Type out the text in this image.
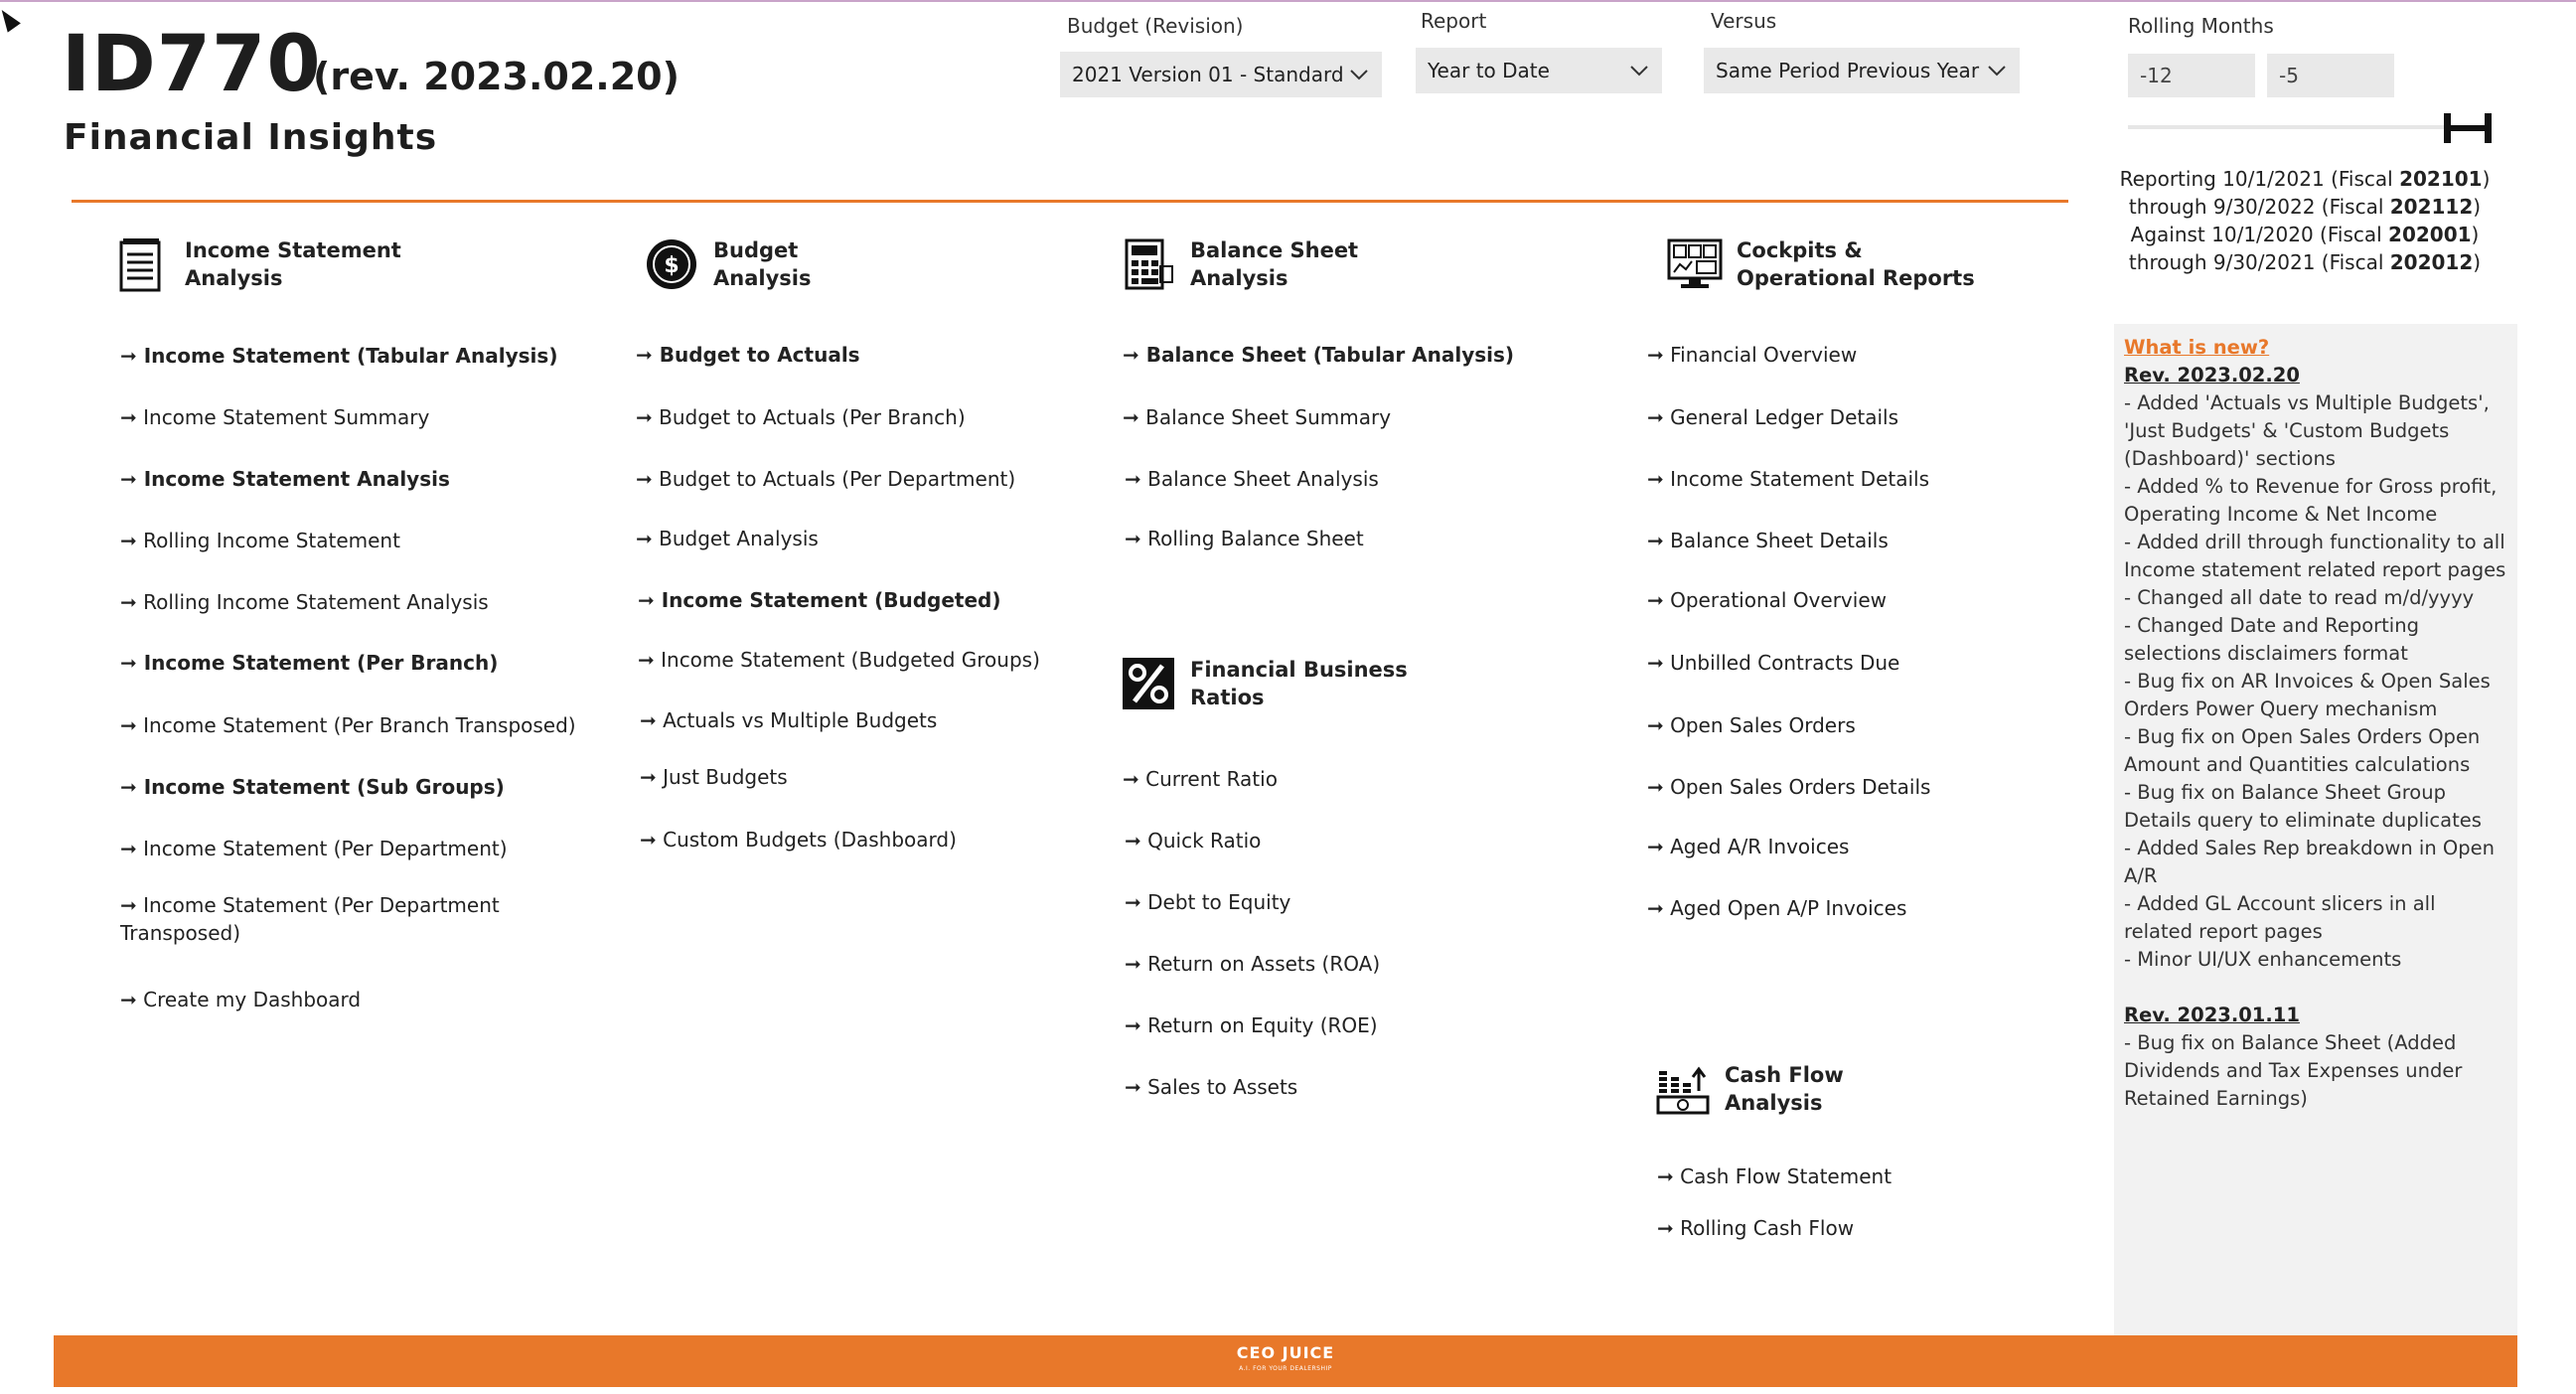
ID770
(rev. 2023.02.20)
Financial Insights
Budget (Revision)
2021 Version 01 - Standard
Report
Year to Date
Versus
Same Period Previous Year
Rolling Months
-12	-5
Reporting 10/1/2021 (Fiscal 202101)
through 9/30/2022 (Fiscal 202112)
Against 10/1/2020 (Fiscal 202001)
through 9/30/2021 (Fiscal 202012)
Income Statement
Analysis
➞ Income Statement (Tabular Analysis)
➞ Income Statement Summary
➞ Income Statement Analysis
➞ Rolling Income Statement
➞ Rolling Income Statement Analysis
➞ Income Statement (Per Branch)
➞ Income Statement (Per Branch Transposed)
➞ Income Statement (Sub Groups)
➞ Income Statement (Per Department)
➞ Income Statement (Per Department Transposed)
➞ Create my Dashboard
$
Budget
Analysis
➞ Budget to Actuals
➞ Budget to Actuals (Per Branch)
➞ Budget to Actuals (Per Department)
➞ Budget Analysis
➞ Income Statement (Budgeted)
➞ Income Statement (Budgeted Groups)
➞ Actuals vs Multiple Budgets
➞ Just Budgets
➞ Custom Budgets (Dashboard)
Balance Sheet
Analysis
➞ Balance Sheet (Tabular Analysis)
➞ Balance Sheet Summary
➞ Balance Sheet Analysis
➞ Rolling Balance Sheet
Financial Business
Ratios
➞ Current Ratio
➞ Quick Ratio
➞ Debt to Equity
➞ Return on Assets (ROA)
➞ Return on Equity (ROE)
➞ Sales to Assets
Cockpits &
Operational Reports
➞ Financial Overview
➞ General Ledger Details
➞ Income Statement Details
➞ Balance Sheet Details
➞ Operational Overview
➞ Unbilled Contracts Due
➞ Open Sales Orders
➞ Open Sales Orders Details
➞ Aged A/R Invoices
➞ Aged Open A/P Invoices
Cash Flow
Analysis
➞ Cash Flow Statement
➞ Rolling Cash Flow
What is new?
Rev. 2023.02.20
- Added 'Actuals vs Multiple Budgets', 'Just Budgets' & 'Custom Budgets (Dashboard)' sections
- Added % to Revenue for Gross profit, Operating Income & Net Income
- Added drill through functionality to all Income statement related report pages
- Changed all date to read m/d/yyyy
- Changed Date and Reporting selections disclaimers format
- Bug fix on AR Invoices & Open Sales Orders Power Query mechanism
- Bug fix on Open Sales Orders Open Amount and Quantities calculations
- Bug fix on Balance Sheet Group Details query to eliminate duplicates
- Added Sales Rep breakdown in Open A/R
- Added GL Account slicers in all related report pages
- Minor UI/UX enhancements
Rev. 2023.01.11
- Bug fix on Balance Sheet (Added Dividends and Tax Expenses under Retained Earnings)
CEO JUICE
A.I. FOR YOUR DEALERSHIP
